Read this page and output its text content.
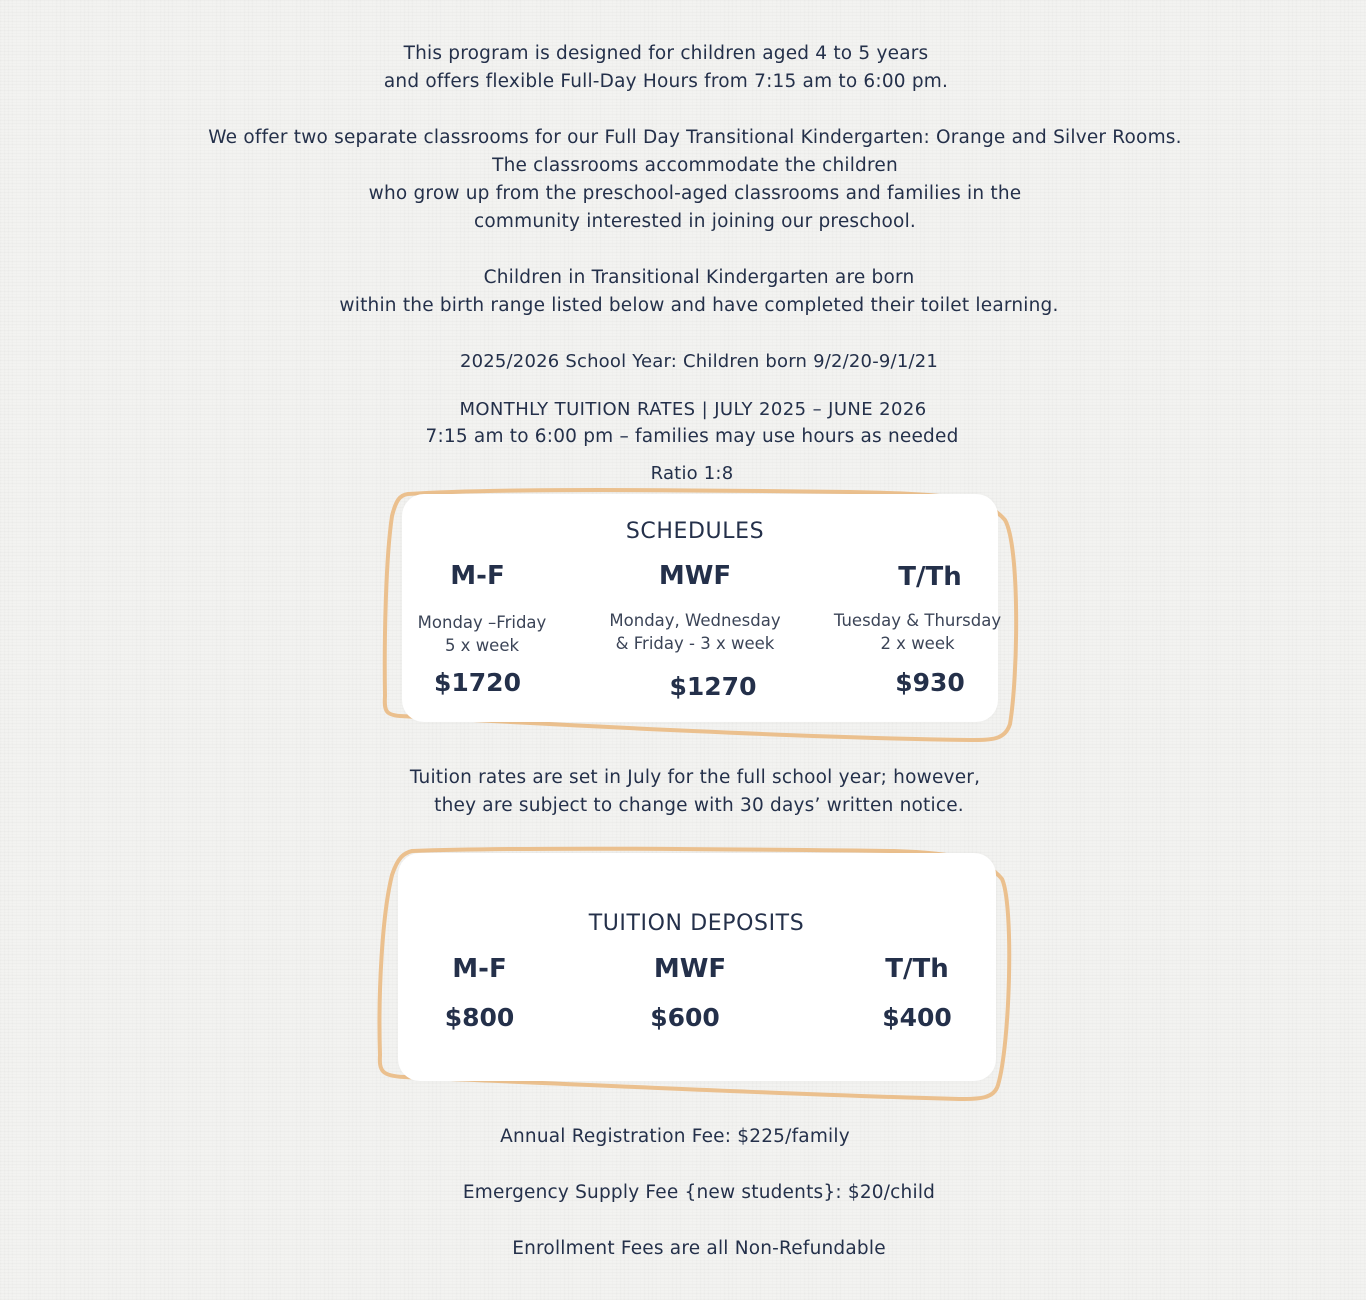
This program is designed for children aged 4 to 5 years
and offers flexible Full-Day Hours from 7:15 am to 6:00 pm.
We offer two separate classrooms for our Full Day Transitional Kindergarten: Orange and Silver Rooms.
The classrooms accommodate the children
who grow up from the preschool-aged classrooms and families in the
community interested in joining our preschool.
Children in Transitional Kindergarten are born
within the birth range listed below and have completed their toilet learning.
2025/2026 School Year: Children born 9/2/20-9/1/21
MONTHLY TUITION RATES | JULY 2025 – JUNE 2026
7:15 am to 6:00 pm – families may use hours as needed
Ratio 1:8
SCHEDULES
M-F
Monday –Friday
5 x week
$1720
MWF
Monday, Wednesday
& Friday - 3 x week
$1270
T/Th
Tuesday & Thursday
2 x week
$930
Tuition rates are set in July for the full school year; however,
they are subject to change with 30 days’ written notice.
TUITION DEPOSITS
M-F
$800
MWF
$600
T/Th
$400
Annual Registration Fee: $225/family
Emergency Supply Fee {new students}: $20/child
Enrollment Fees are all Non-Refundable
